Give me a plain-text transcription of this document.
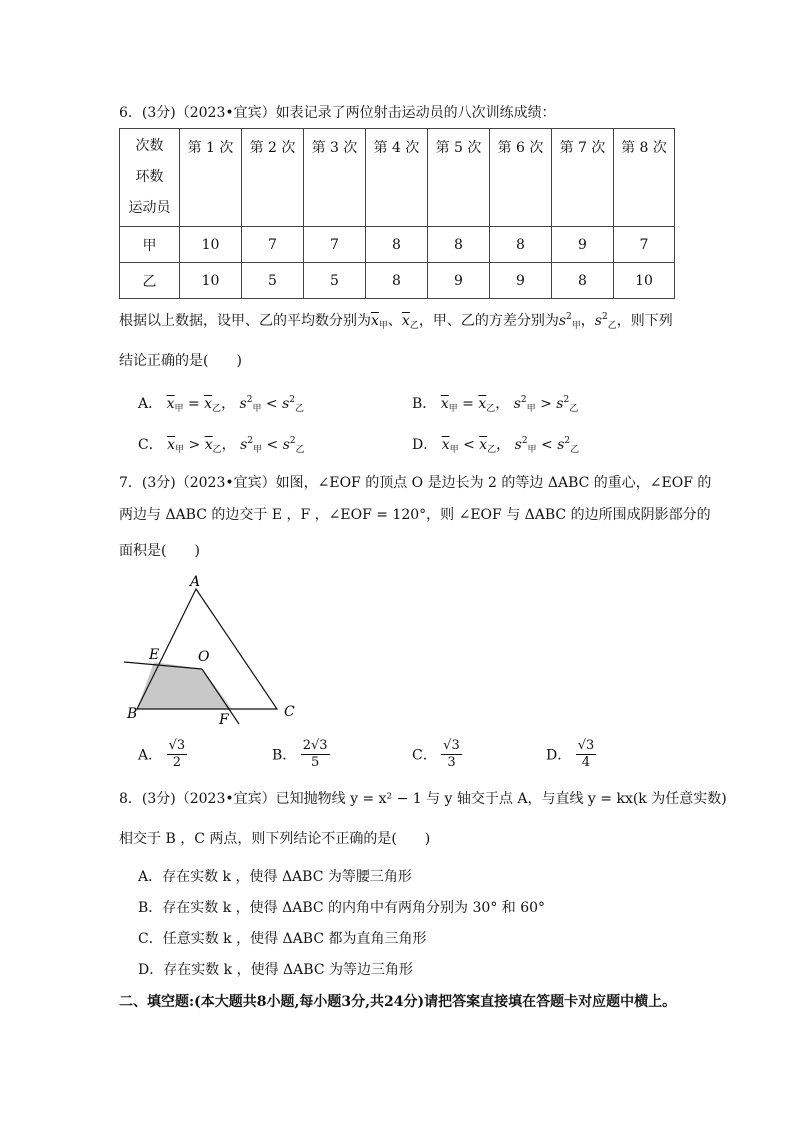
6．(3分)（2023•宜宾）如表记录了两位射击运动员的八次训练成绩：
次数
环数
运动员	第 1 次	第 2 次	第 3 次	第 4 次	第 5 次	第 6 次	第 7 次	第 8 次

甲	10	7	7	8	8	8	9	7
乙	10	5	5	8	9	9	8	10
根据以上数据，设甲、乙的平均数分别为$\overline{x}_甲$、$\overline{x}_乙$，甲、乙的方差分别为$s^2_甲$，$s^2_乙$，则下列
结论正确的是(　　)
A． $\overline{x}_甲 = \overline{x}_乙$， $s^2_甲 < s^2_乙$	B． $\overline{x}_甲 = \overline{x}_乙$， $s^2_甲 > s^2_乙$
C． $\overline{x}_甲 > \overline{x}_乙$， $s^2_甲 < s^2_乙$	D． $\overline{x}_甲 < \overline{x}_乙$， $s^2_甲 < s^2_乙$
7．(3分)（2023•宜宾）如图，∠EOF 的顶点 O 是边长为 2 的等边 ΔABC 的重心，∠EOF 的
两边与 ΔABC 的边交于 E ，F ，∠EOF = 120°，则 ∠EOF 与 ΔABC 的边所围成阴影部分的
面积是(　　)
A
B	C
E	O
F
A． $\frac{√3}{2}$	B． $\frac{2√3}{5}$	C． $\frac{√3}{3}$	D． $\frac{√3}{4}$
8．(3分)（2023•宜宾）已知抛物线 y = x² − 1 与 y 轴交于点 A，与直线 y = kx(k 为任意实数)
相交于 B ，C 两点，则下列结论不正确的是(　　)
A．存在实数 k ，使得 ΔABC 为等腰三角形
B．存在实数 k ，使得 ΔABC 的内角中有两角分别为 30° 和 60°
C．任意实数 k ，使得 ΔABC 都为直角三角形
D．存在实数 k ，使得 ΔABC 为等边三角形
二、填空题:(本大题共8小题,每小题3分,共24分)请把答案直接填在答题卡对应题中横上。
